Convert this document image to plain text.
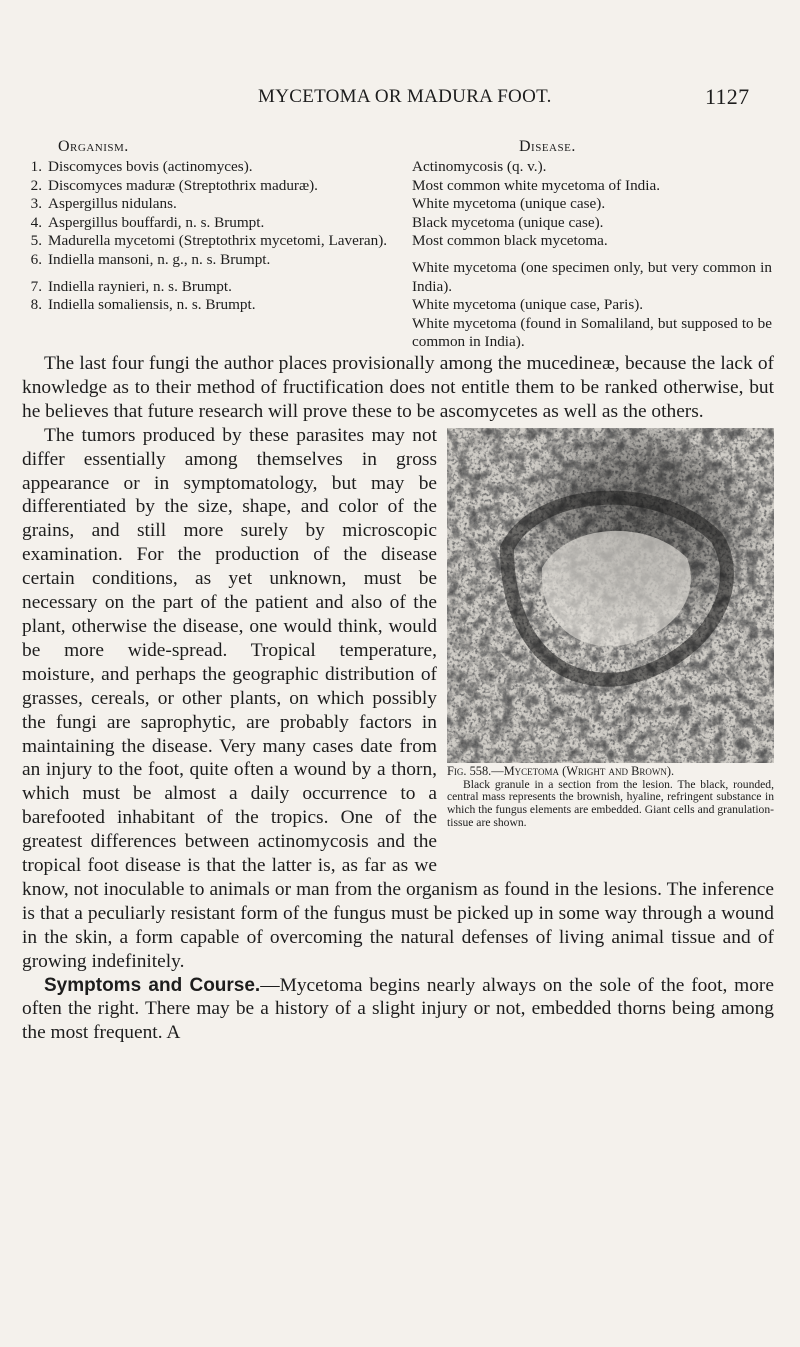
MYCETOMA OR MADURA FOOT.	1127
Organism.	Disease.
1. Discomyces bovis (actinomyces).
2. Discomyces maduræ (Streptothrix maduræ).
3. Aspergillus nidulans.
4. Aspergillus bouffardi, n. s. Brumpt.
5. Madurella mycetomi (Streptothrix mycetomi, Laveran).
6. Indiella mansoni, n. g., n. s. Brumpt.
7. Indiella raynieri, n. s. Brumpt.
8. Indiella somaliensis, n. s. Brumpt.
Actinomycosis (q. v.).
Most common white mycetoma of India.
White mycetoma (unique case).
Black mycetoma (unique case).
Most common black mycetoma.
White mycetoma (one specimen only, but very common in India).
White mycetoma (unique case, Paris).
White mycetoma (found in Somaliland, but supposed to be common in India).

The last four fungi the author places provisionally among the mucedineæ, because the lack of knowledge as to their method of fructification does not entitle them to be ranked otherwise, but he believes that future research will prove these to be ascomycetes as well as the others.

Fig. 558.—Mycetoma (Wright and Brown).
Black granule in a section from the lesion. The black, rounded, central mass represents the brownish, hyaline, refringent substance in which the fungus elements are embedded. Giant cells and granulation-tissue are shown.

The tumors produced by these parasites may not differ essentially among themselves in gross appearance or in symptomatology, but may be differentiated by the size, shape, and color of the grains, and still more surely by microscopic examination. For the production of the disease certain conditions, as yet unknown, must be necessary on the part of the patient and also of the plant, otherwise the disease, one would think, would be more wide-spread. Tropical temperature, moisture, and perhaps the geographic distribution of grasses, cereals, or other plants, on which possibly the fungi are saprophytic, are probably factors in maintaining the disease. Very many cases date from an injury to the foot, quite often a wound by a thorn, which must be almost a daily occurrence to a barefooted inhabitant of the tropics. One of the greatest differences between actinomycosis and the tropical foot disease is that the latter is, as far as we know, not inoculable to animals or man from the organism as found in the lesions. The inference is that a peculiarly resistant form of the fungus must be picked up in some way through a wound in the skin, a form capable of overcoming the natural defenses of living animal tissue and of growing indefinitely.

Symptoms and Course.—Mycetoma begins nearly always on the sole of the foot, more often the right. There may be a history of a slight injury or not, embedded thorns being among the most frequent. A
